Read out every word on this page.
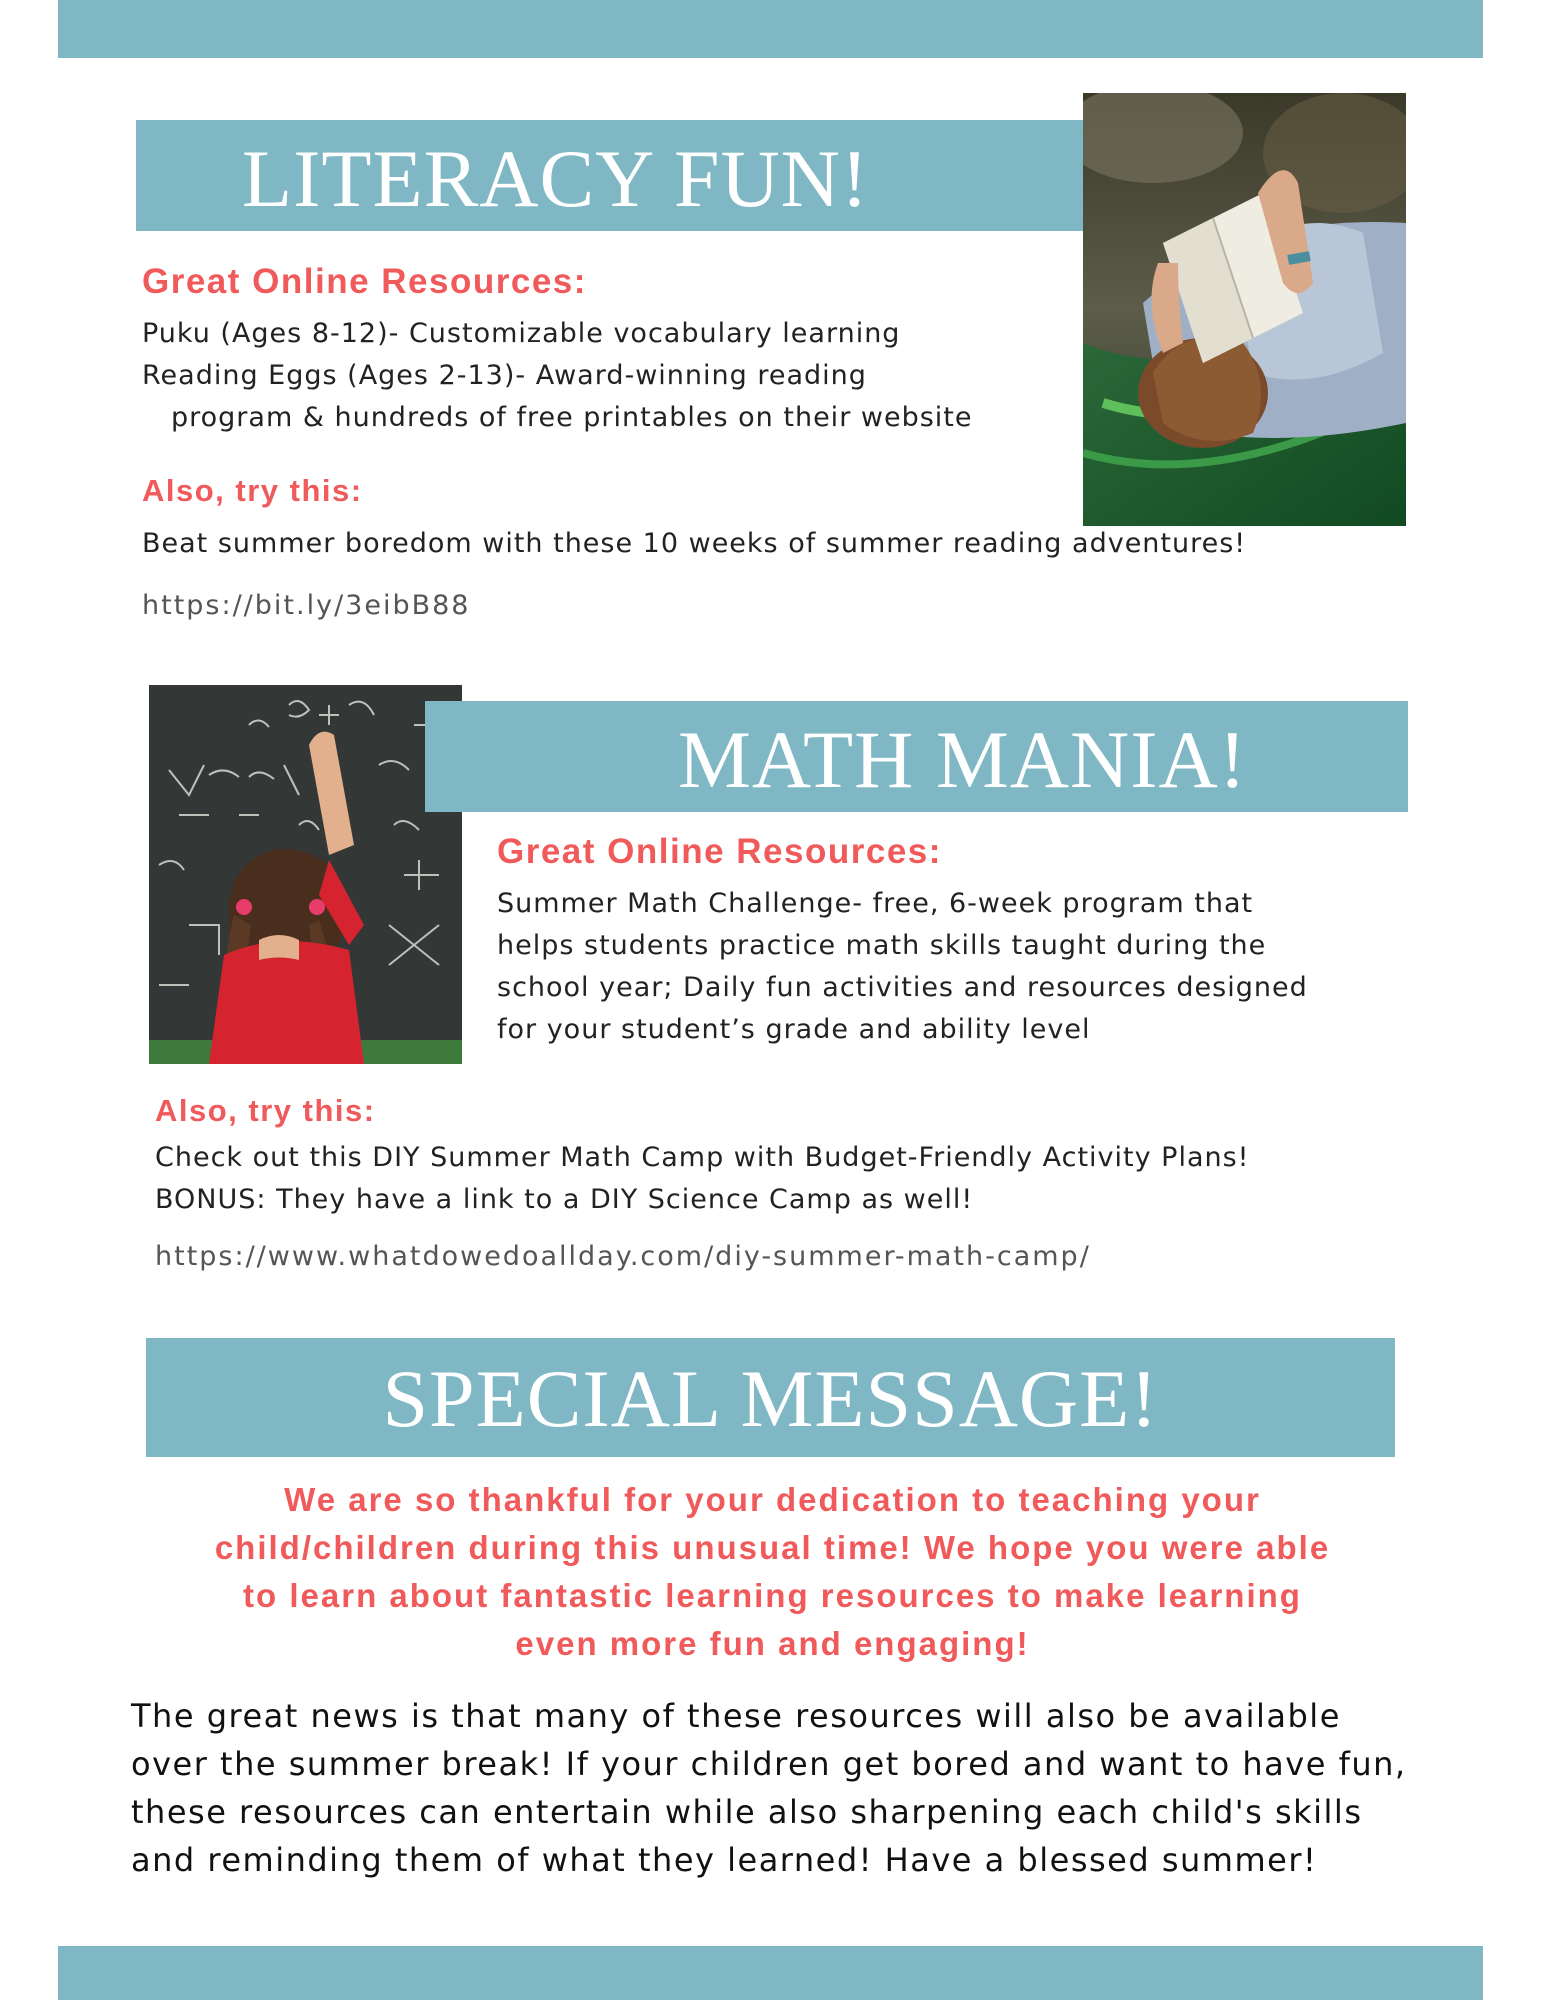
LITERACY FUN!
Great Online Resources:
Puku (Ages 8-12)- Customizable vocabulary learning
Reading Eggs (Ages 2-13)- Award-winning reading
program & hundreds of free printables on their website
Also, try this:
Beat summer boredom with these 10 weeks of summer reading adventures!
https://bit.ly/3eibB88
MATH MANIA!
Great Online Resources:
Summer Math Challenge- free, 6-week program that
helps students practice math skills taught during the
school year; Daily fun activities and resources designed
for your student’s grade and ability level
Also, try this:
Check out this DIY Summer Math Camp with Budget-Friendly Activity Plans!
BONUS: They have a link to a DIY Science Camp as well!
https://www.whatdowedoallday.com/diy-summer-math-camp/
SPECIAL MESSAGE!
We are so thankful for your dedication to teaching your
child/children during this unusual time! We hope you were able
to learn about fantastic learning resources to make learning
even more fun and engaging!
The great news is that many of these resources will also be available
over the summer break! If your children get bored and want to have fun,
these resources can entertain while also sharpening each child's skills
and reminding them of what they learned! Have a blessed summer!
